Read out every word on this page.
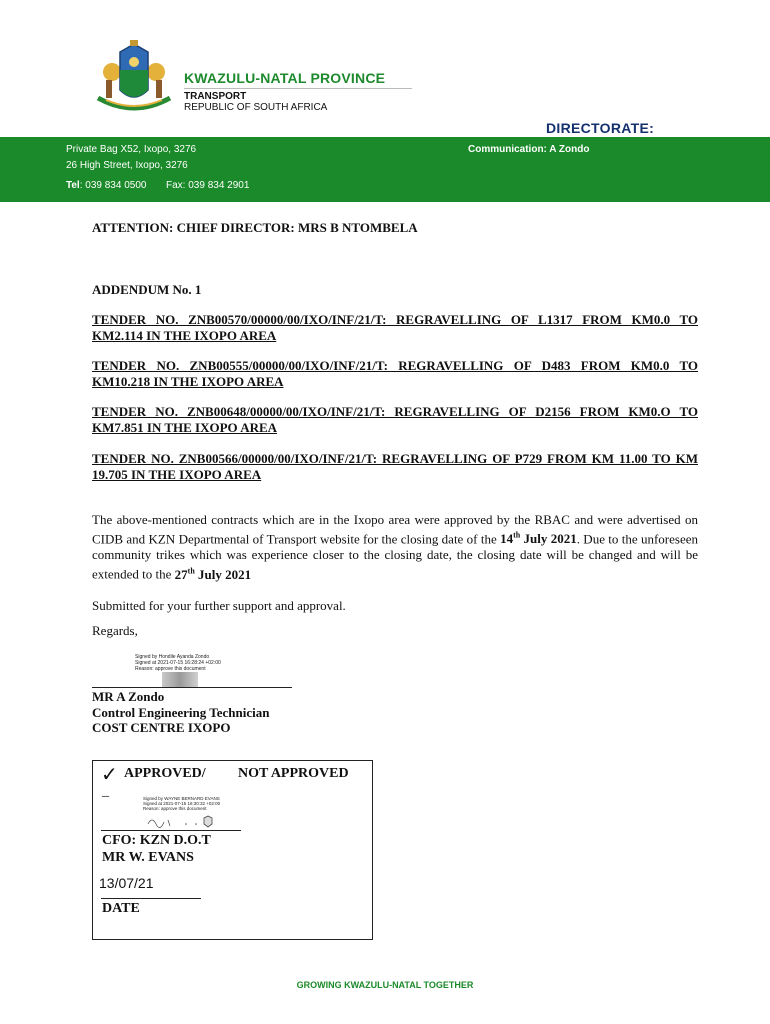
KWAZULU-NATAL PROVINCE
TRANSPORT
REPUBLIC OF SOUTH AFRICA
DIRECTORATE:
Private Bag X52, Ixopo, 3276
26 High Street, Ixopo, 3276
Tel: 039 834 0500 Fax: 039 834 2901
Communication: A Zondo
ATTENTION: CHIEF DIRECTOR: MRS B NTOMBELA
ADDENDUM No. 1
TENDER NO. ZNB00570/00000/00/IXO/INF/21/T: REGRAVELLING OF L1317 FROM KM0.0 TO KM2.114 IN THE IXOPO AREA
TENDER NO. ZNB00555/00000/00/IXO/INF/21/T: REGRAVELLING OF D483 FROM KM0.0 TO KM10.218 IN THE IXOPO AREA
TENDER NO. ZNB00648/00000/00/IXO/INF/21/T: REGRAVELLING OF D2156 FROM KM0.O TO KM7.851 IN THE IXOPO AREA
TENDER NO. ZNB00566/00000/00/IXO/INF/21/T: REGRAVELLING OF P729 FROM KM 11.00 TO KM 19.705 IN THE IXOPO AREA
The above-mentioned contracts which are in the Ixopo area were approved by the RBAC and were advertised on CIDB and KZN Departmental of Transport website for the closing date of the 14th July 2021. Due to the unforeseen community trikes which was experience closer to the closing date, the closing date will be changed and will be extended to the 27th July 2021
Submitted for your further support and approval.
Regards,
Signed by Hondile Ayanda Zondo
Signed at 2021-07-15 16:28:24 +02:00
Reason: approve this document
MR A Zondo
Control Engineering Technician
COST CENTRE IXOPO
✓ APPROVED/ NOT APPROVED
_	Signed by WAYNE BERNARD EVANS
Signed at 2021-07-15 16:30:32 +02:00
Reason: approve this document
CFO: KZN D.O.T
MR W. EVANS
13/07/21
DATE
GROWING KWAZULU-NATAL TOGETHER
